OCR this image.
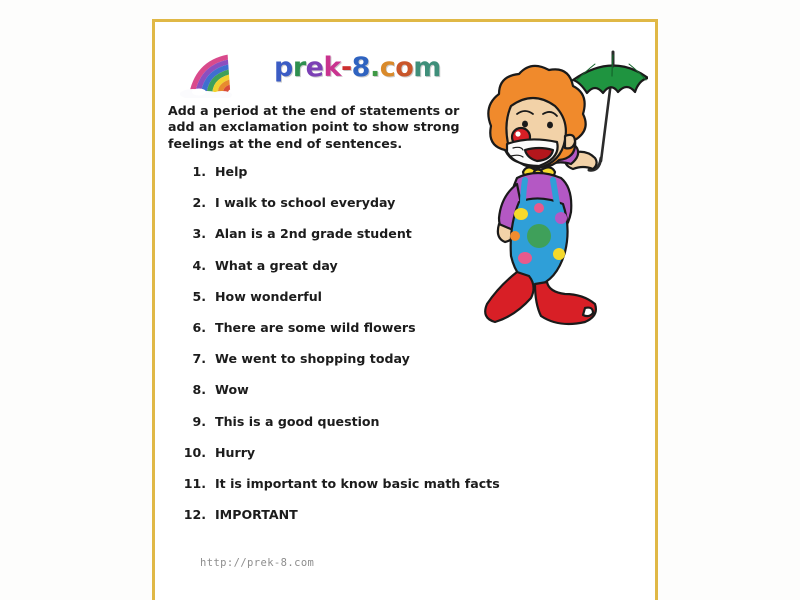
prek-8.com
Add a period at the end of statements or add an exclamation point to show strong feelings at the end of sentences.
1. Help
2. I walk to school everyday
3. Alan is a 2nd grade student
4. What a great day
5. How wonderful
6. There are some wild flowers
7. We went to shopping today
8. Wow
9. This is a good question
10. Hurry
11. It is important to know basic math facts
12. IMPORTANT
http://prek-8.com
